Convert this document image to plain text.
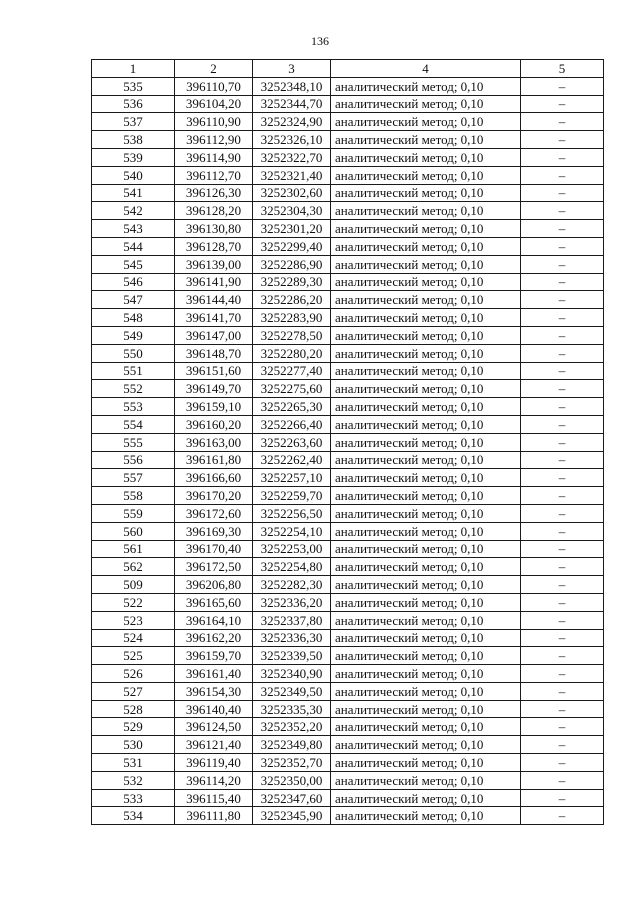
136
1	2	3	4	5
535	396110,70	3252348,10	аналитический метод; 0,10	–
536	396104,20	3252344,70	аналитический метод; 0,10	–
537	396110,90	3252324,90	аналитический метод; 0,10	–
538	396112,90	3252326,10	аналитический метод; 0,10	–
539	396114,90	3252322,70	аналитический метод; 0,10	–
540	396112,70	3252321,40	аналитический метод; 0,10	–
541	396126,30	3252302,60	аналитический метод; 0,10	–
542	396128,20	3252304,30	аналитический метод; 0,10	–
543	396130,80	3252301,20	аналитический метод; 0,10	–
544	396128,70	3252299,40	аналитический метод; 0,10	–
545	396139,00	3252286,90	аналитический метод; 0,10	–
546	396141,90	3252289,30	аналитический метод; 0,10	–
547	396144,40	3252286,20	аналитический метод; 0,10	–
548	396141,70	3252283,90	аналитический метод; 0,10	–
549	396147,00	3252278,50	аналитический метод; 0,10	–
550	396148,70	3252280,20	аналитический метод; 0,10	–
551	396151,60	3252277,40	аналитический метод; 0,10	–
552	396149,70	3252275,60	аналитический метод; 0,10	–
553	396159,10	3252265,30	аналитический метод; 0,10	–
554	396160,20	3252266,40	аналитический метод; 0,10	–
555	396163,00	3252263,60	аналитический метод; 0,10	–
556	396161,80	3252262,40	аналитический метод; 0,10	–
557	396166,60	3252257,10	аналитический метод; 0,10	–
558	396170,20	3252259,70	аналитический метод; 0,10	–
559	396172,60	3252256,50	аналитический метод; 0,10	–
560	396169,30	3252254,10	аналитический метод; 0,10	–
561	396170,40	3252253,00	аналитический метод; 0,10	–
562	396172,50	3252254,80	аналитический метод; 0,10	–
509	396206,80	3252282,30	аналитический метод; 0,10	–
522	396165,60	3252336,20	аналитический метод; 0,10	–
523	396164,10	3252337,80	аналитический метод; 0,10	–
524	396162,20	3252336,30	аналитический метод; 0,10	–
525	396159,70	3252339,50	аналитический метод; 0,10	–
526	396161,40	3252340,90	аналитический метод; 0,10	–
527	396154,30	3252349,50	аналитический метод; 0,10	–
528	396140,40	3252335,30	аналитический метод; 0,10	–
529	396124,50	3252352,20	аналитический метод; 0,10	–
530	396121,40	3252349,80	аналитический метод; 0,10	–
531	396119,40	3252352,70	аналитический метод; 0,10	–
532	396114,20	3252350,00	аналитический метод; 0,10	–
533	396115,40	3252347,60	аналитический метод; 0,10	–
534	396111,80	3252345,90	аналитический метод; 0,10	–
